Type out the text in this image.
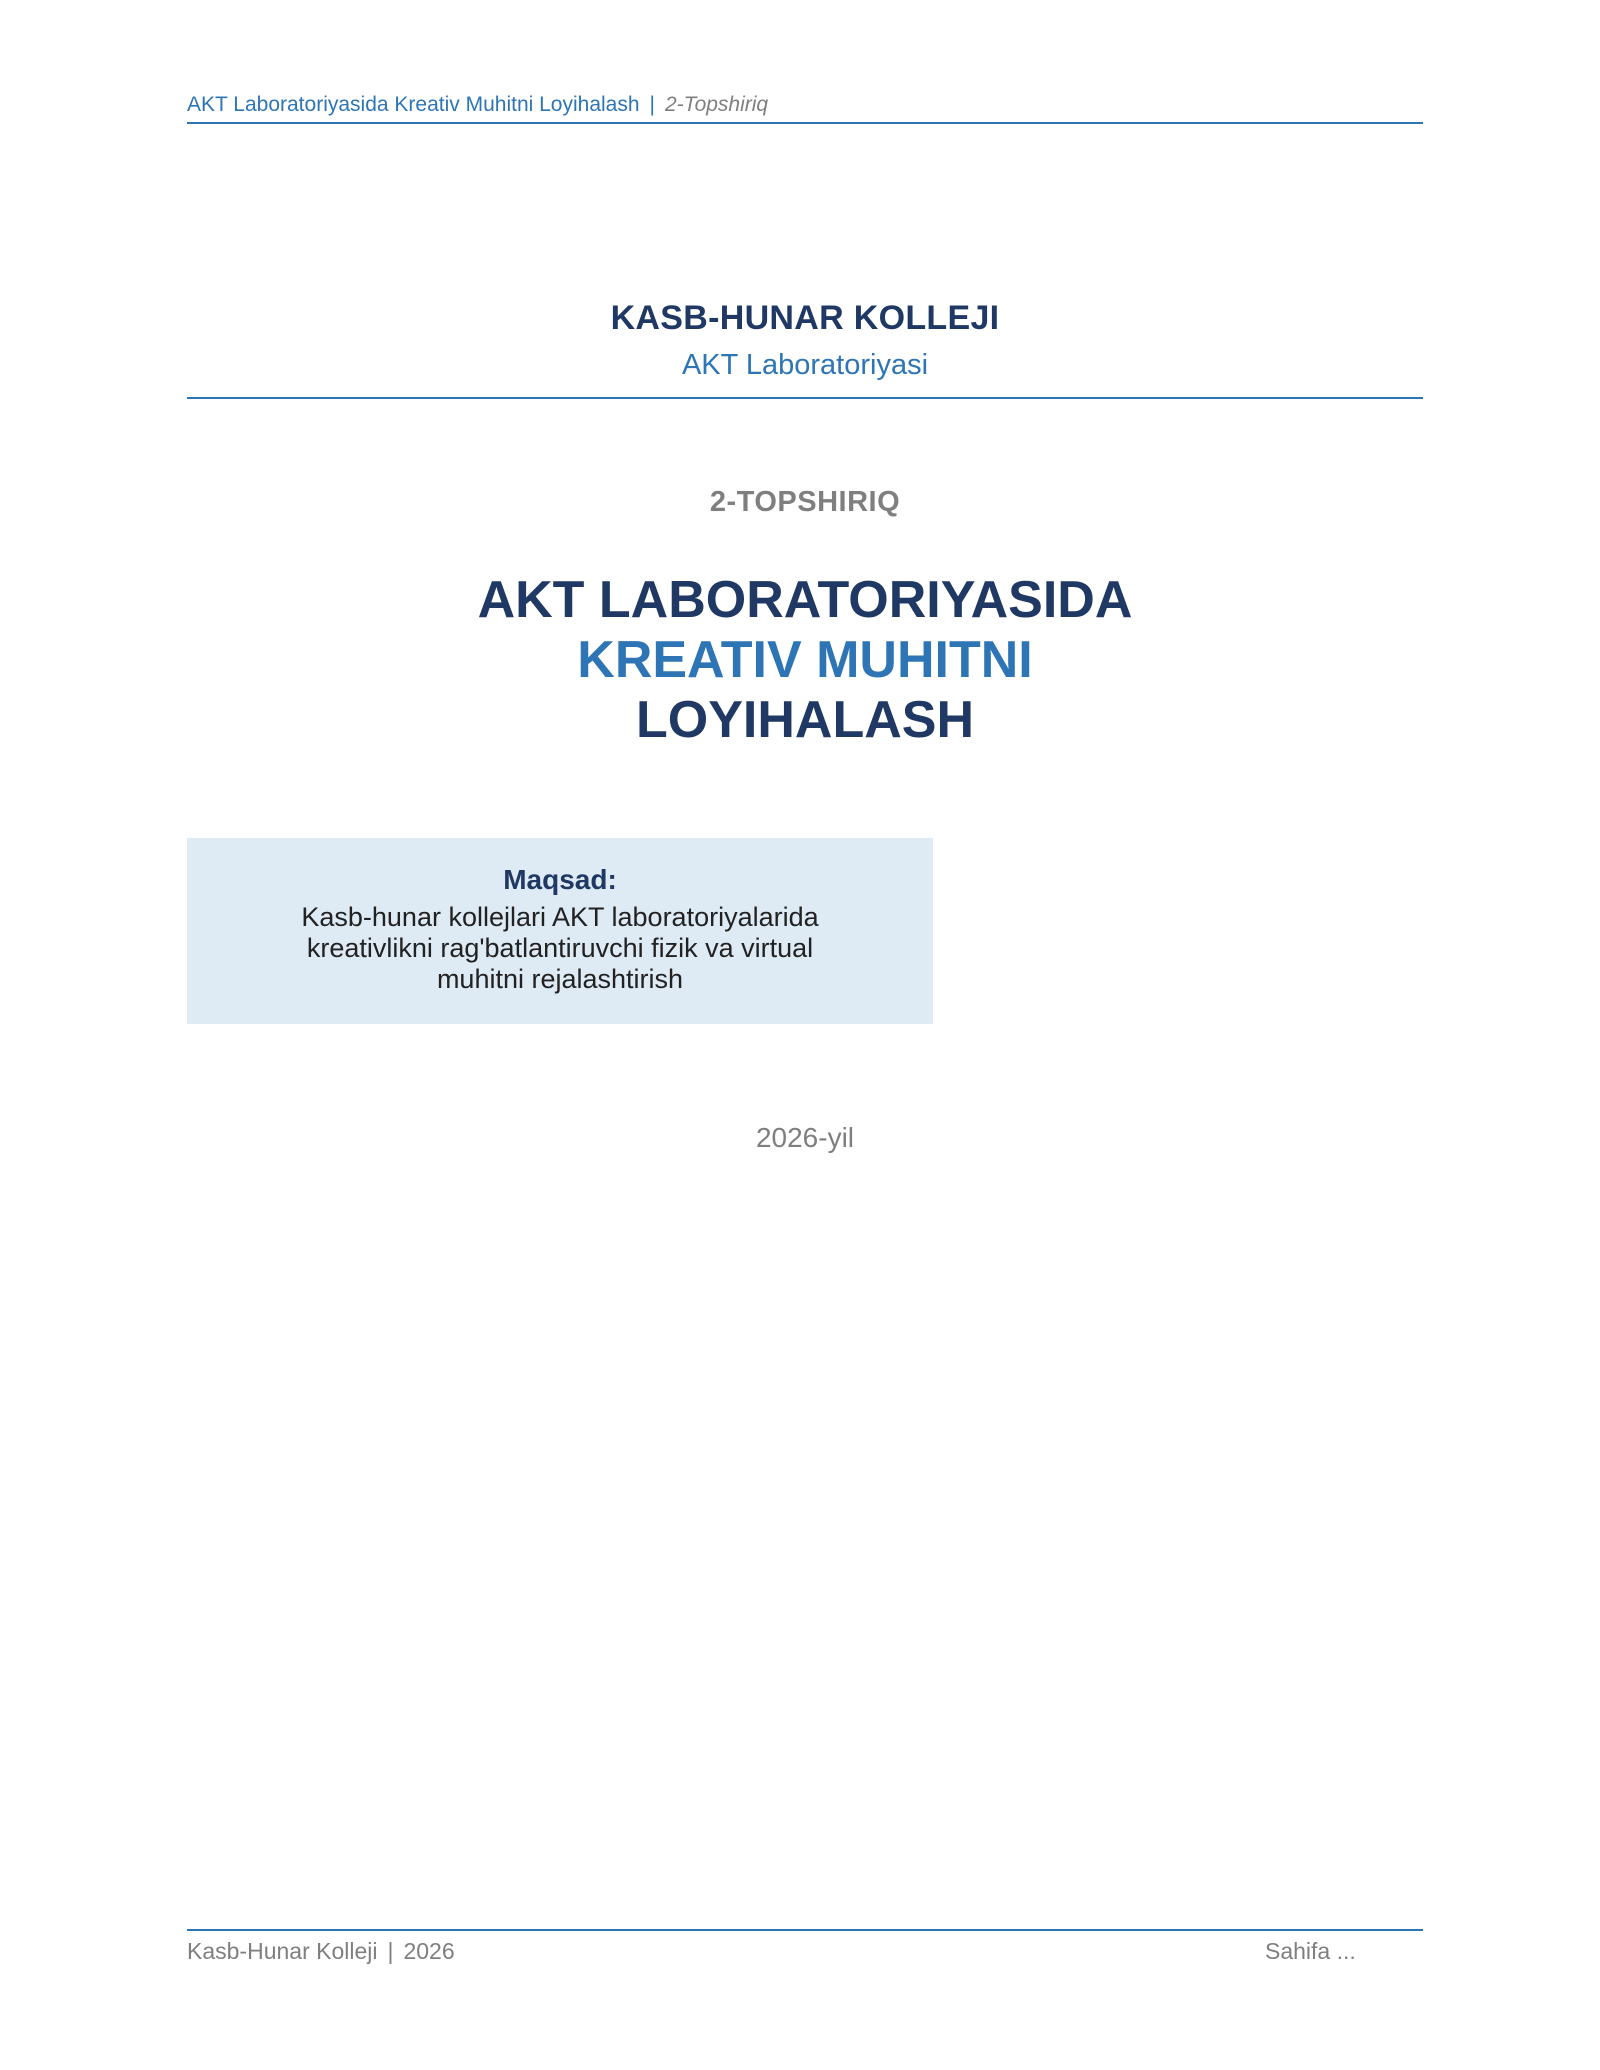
AKT Laboratoriyasida Kreativ Muhitni Loyihalash | 2-Topshiriq
KASB-HUNAR KOLLEJI
AKT Laboratoriyasi
2-TOPSHIRIQ
AKT LABORATORIYASIDA
KREATIV MUHITNI
LOYIHALASH
Maqsad:
Kasb-hunar kollejlari AKT laboratoriyalarida kreativlikni rag'batlantiruvchi fizik va virtual muhitni rejalashtirish
2026-yil
Kasb-Hunar Kolleji | 2026	Sahifa ...
